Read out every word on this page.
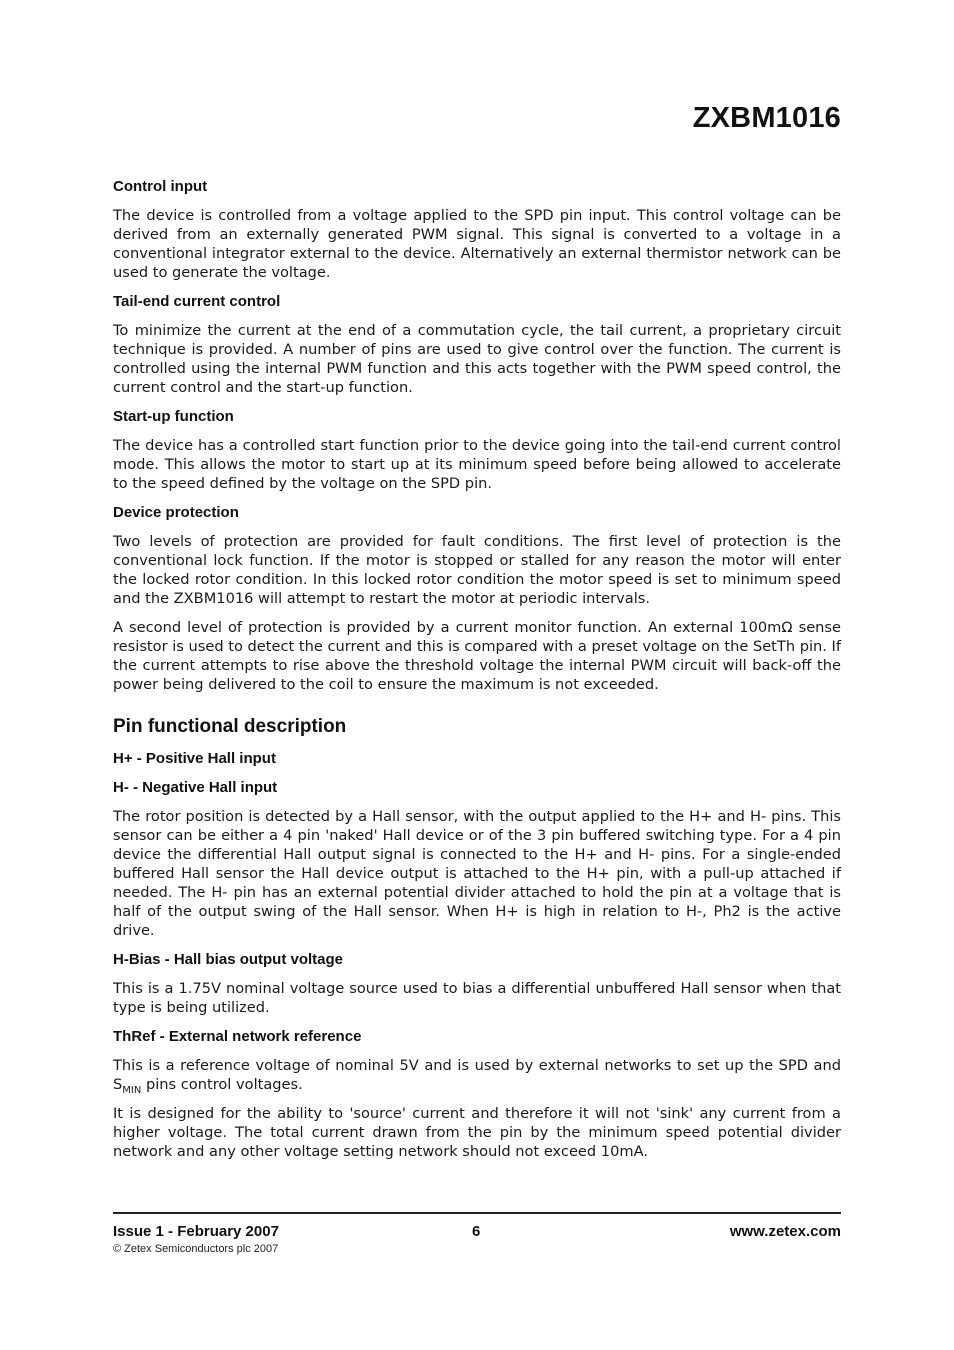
ZXBM1016
Control input

The device is controlled from a voltage applied to the SPD pin input. This control voltage can be derived from an externally generated PWM signal. This signal is converted to a voltage in a conventional integrator external to the device. Alternatively an external thermistor network can be used to generate the voltage.

Tail-end current control

To minimize the current at the end of a commutation cycle, the tail current, a proprietary circuit technique is provided. A number of pins are used to give control over the function. The current is controlled using the internal PWM function and this acts together with the PWM speed control, the current control and the start-up function.

Start-up function

The device has a controlled start function prior to the device going into the tail-end current control mode. This allows the motor to start up at its minimum speed before being allowed to accelerate to the speed defined by the voltage on the SPD pin.

Device protection

Two levels of protection are provided for fault conditions. The first level of protection is the conventional lock function. If the motor is stopped or stalled for any reason the motor will enter the locked rotor condition. In this locked rotor condition the motor speed is set to minimum speed and the ZXBM1016 will attempt to restart the motor at periodic intervals.

A second level of protection is provided by a current monitor function. An external 100mΩ sense resistor is used to detect the current and this is compared with a preset voltage on the SetTh pin. If the current attempts to rise above the threshold voltage the internal PWM circuit will back-off the power being delivered to the coil to ensure the maximum is not exceeded.

Pin functional description
H+ - Positive Hall input
H- - Negative Hall input

The rotor position is detected by a Hall sensor, with the output applied to the H+ and H- pins. This sensor can be either a 4 pin 'naked' Hall device or of the 3 pin buffered switching type. For a 4 pin device the differential Hall output signal is connected to the H+ and H- pins. For a single-ended buffered Hall sensor the Hall device output is attached to the H+ pin, with a pull-up attached if needed. The H- pin has an external potential divider attached to hold the pin at a voltage that is half of the output swing of the Hall sensor. When H+ is high in relation to H-, Ph2 is the active drive.

H-Bias - Hall bias output voltage

This is a 1.75V nominal voltage source used to bias a differential unbuffered Hall sensor when that type is being utilized.

ThRef - External network reference

This is a reference voltage of nominal 5V and is used by external networks to set up the SPD and $S_{MIN}$ pins control voltages.

It is designed for the ability to 'source' current and therefore it will not 'sink' any current from a higher voltage. The total current drawn from the pin by the minimum speed potential divider network and any other voltage setting network should not exceed 10mA.

Issue 1 - February 2007	6	www.zetex.com
© Zetex Semiconductors plc 2007
